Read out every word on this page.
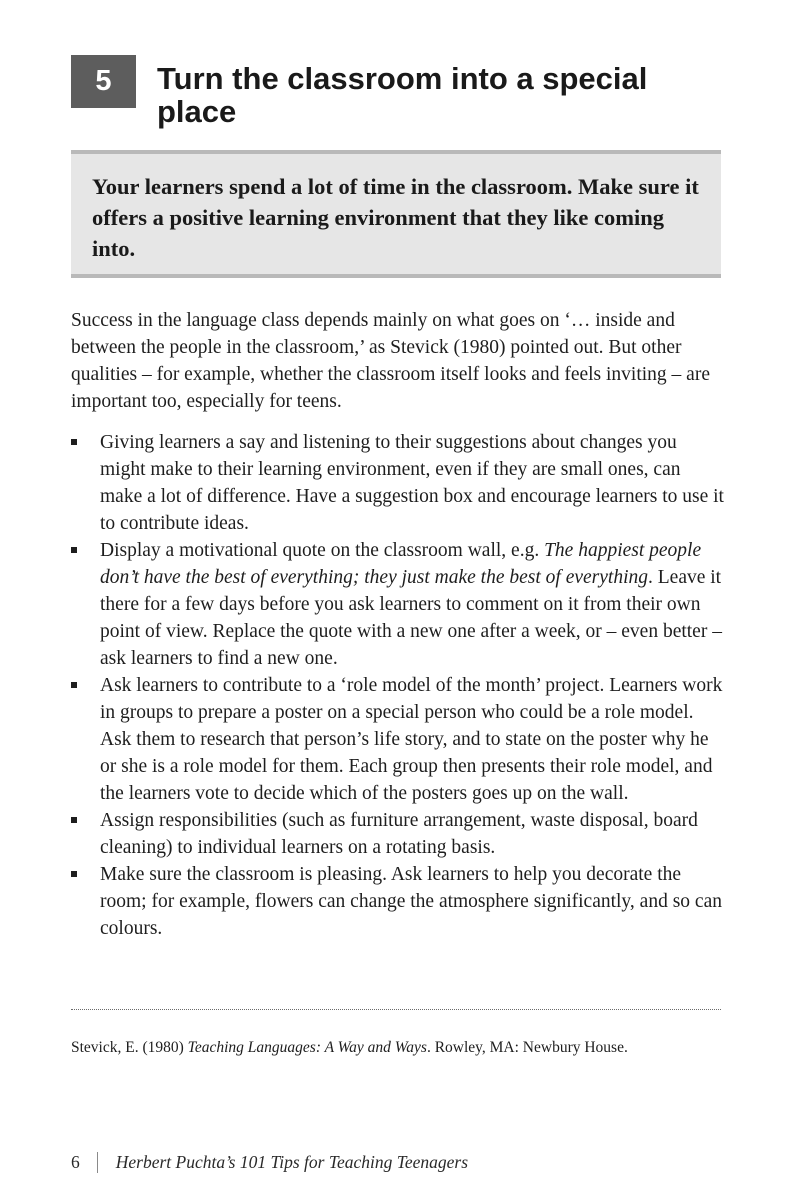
5 Turn the classroom into a special place

Your learners spend a lot of time in the classroom. Make sure it offers a positive learning environment that they like coming into.

Success in the language class depends mainly on what goes on ‘… inside and between the people in the classroom,’ as Stevick (1980) pointed out. But other qualities – for example, whether the classroom itself looks and feels inviting – are important too, especially for teens.

Giving learners a say and listening to their suggestions about changes you might make to their learning environment, even if they are small ones, can make a lot of difference. Have a suggestion box and encourage learners to use it to contribute ideas.
Display a motivational quote on the classroom wall, e.g. The happiest people don’t have the best of everything; they just make the best of everything. Leave it there for a few days before you ask learners to comment on it from their own point of view. Replace the quote with a new one after a week, or – even better – ask learners to find a new one.
Ask learners to contribute to a ‘role model of the month’ project. Learners work in groups to prepare a poster on a special person who could be a role model. Ask them to research that person’s life story, and to state on the poster why he or she is a role model for them. Each group then presents their role model, and the learners vote to decide which of the posters goes up on the wall.
Assign responsibilities (such as furniture arrangement, waste disposal, board cleaning) to individual learners on a rotating basis.
Make sure the classroom is pleasing. Ask learners to help you decorate the room; for example, flowers can change the atmosphere significantly, and so can colours.

Stevick, E. (1980) Teaching Languages: A Way and Ways. Rowley, MA: Newbury House.

6 Herbert Puchta’s 101 Tips for Teaching Teenagers
